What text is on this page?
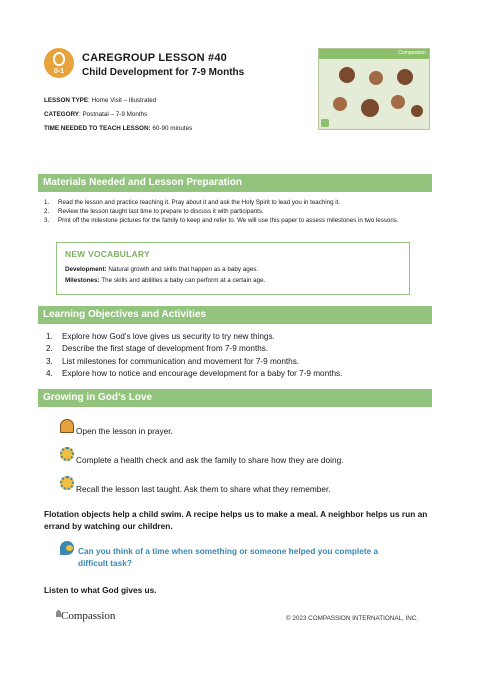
0-1
CAREGROUP LESSON #40
Child Development for 7-9 Months
Compassion
LESSON TYPE: Home Visit – Illustrated
CATEGORY: Postnatal – 7-9 Months
TIME NEEDED TO TEACH LESSON: 60-90 minutes
Materials Needed and Lesson Preparation
1.	Read the lesson and practice teaching it. Pray about it and ask the Holy Spirit to lead you in teaching it.
2.	Review the lesson taught last time to prepare to discuss it with participants.
3.	Print off the milestone pictures for the family to keep and refer to. We will use this paper to assess milestones in two lessons.
NEW VOCABULARY
Development: Natural growth and skills that happen as a baby ages.
Milestones: The skills and abilities a baby can perform at a certain age.
Learning Objectives and Activities
1.	Explore how God’s love gives us security to try new things.
2.	Describe the first stage of development from 7-9 months.
3.	List milestones for communication and movement for 7-9 months.
4.	Explore how to notice and encourage development for a baby for 7-9 months.
Growing in God’s Love
Open the lesson in prayer.
Complete a health check and ask the family to share how they are doing.
Recall the lesson last taught. Ask them to share what they remember.
Flotation objects help a child swim. A recipe helps us to make a meal. A neighbor helps us run an errand by watching our children.
Can you think of a time when something or someone helped you complete a difficult task?
Listen to what God gives us.
Compassion	© 2023 COMPASSION INTERNATIONAL, INC.
